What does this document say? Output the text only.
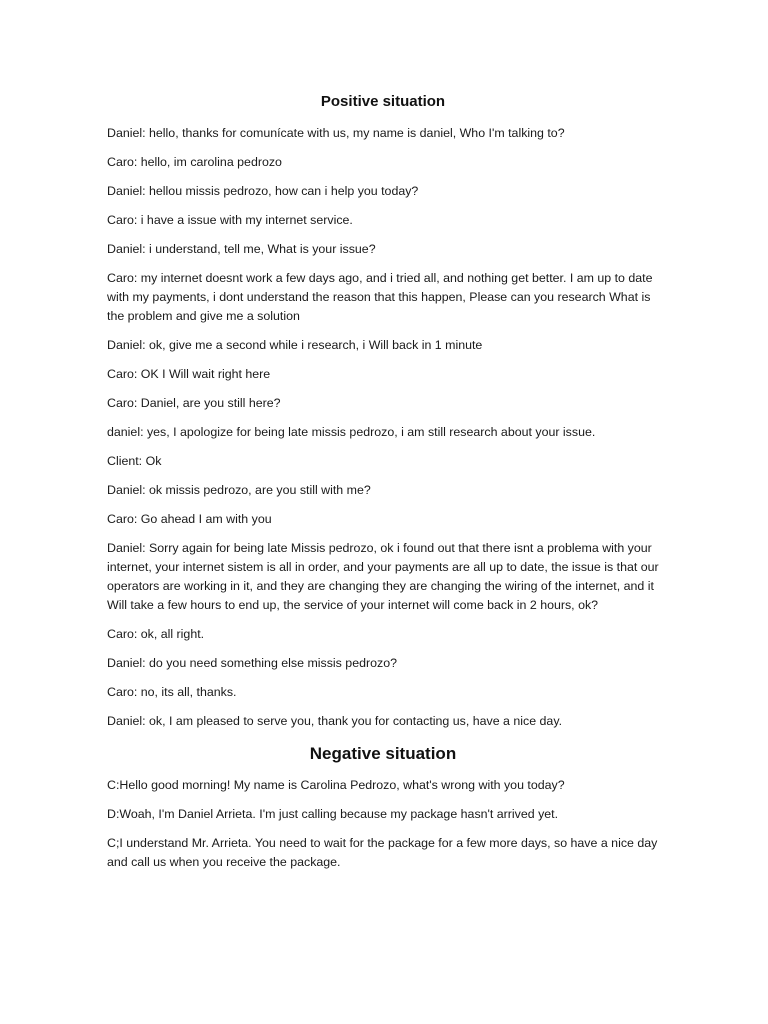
Positive situation

Daniel: hello, thanks for comunícate with us, my name is daniel, Who I'm talking to?

Caro: hello, im carolina pedrozo

Daniel: hellou missis pedrozo, how can i help you today?

Caro: i have a issue with my internet service.

Daniel: i understand, tell me, What is your issue?

Caro: my internet doesnt work a few days ago, and i tried all, and nothing get better. I am up to date with my payments, i dont understand the reason that this happen, Please can you research What is the problem and give me a solution

Daniel: ok, give me a second while i research, i Will back in 1 minute

Caro: OK I Will wait right here

Caro: Daniel, are you still here?

daniel: yes, I apologize for being late missis pedrozo, i am still research about your issue.

Client: Ok

Daniel: ok missis pedrozo, are you still with me?

Caro: Go ahead I am with you

Daniel: Sorry again for being late Missis pedrozo, ok i found out that there isnt a problema with your internet, your internet sistem is all in order, and your payments are all up to date, the issue is that our operators are working in it, and they are changing they are changing the wiring of the internet, and it Will take a few hours to end up, the service of your internet will come back in 2 hours, ok?

Caro: ok, all right.

Daniel: do you need something else missis pedrozo?

Caro: no, its all, thanks.

Daniel: ok, I am pleased to serve you, thank you for contacting us, have a nice day.

Negative situation

C:Hello good morning! My name is Carolina Pedrozo, what's wrong with you today?

D:Woah, I'm Daniel Arrieta. I'm just calling because my package hasn't arrived yet.

C;I understand Mr. Arrieta. You need to wait for the package for a few more days, so have a nice day and call us when you receive the package.
